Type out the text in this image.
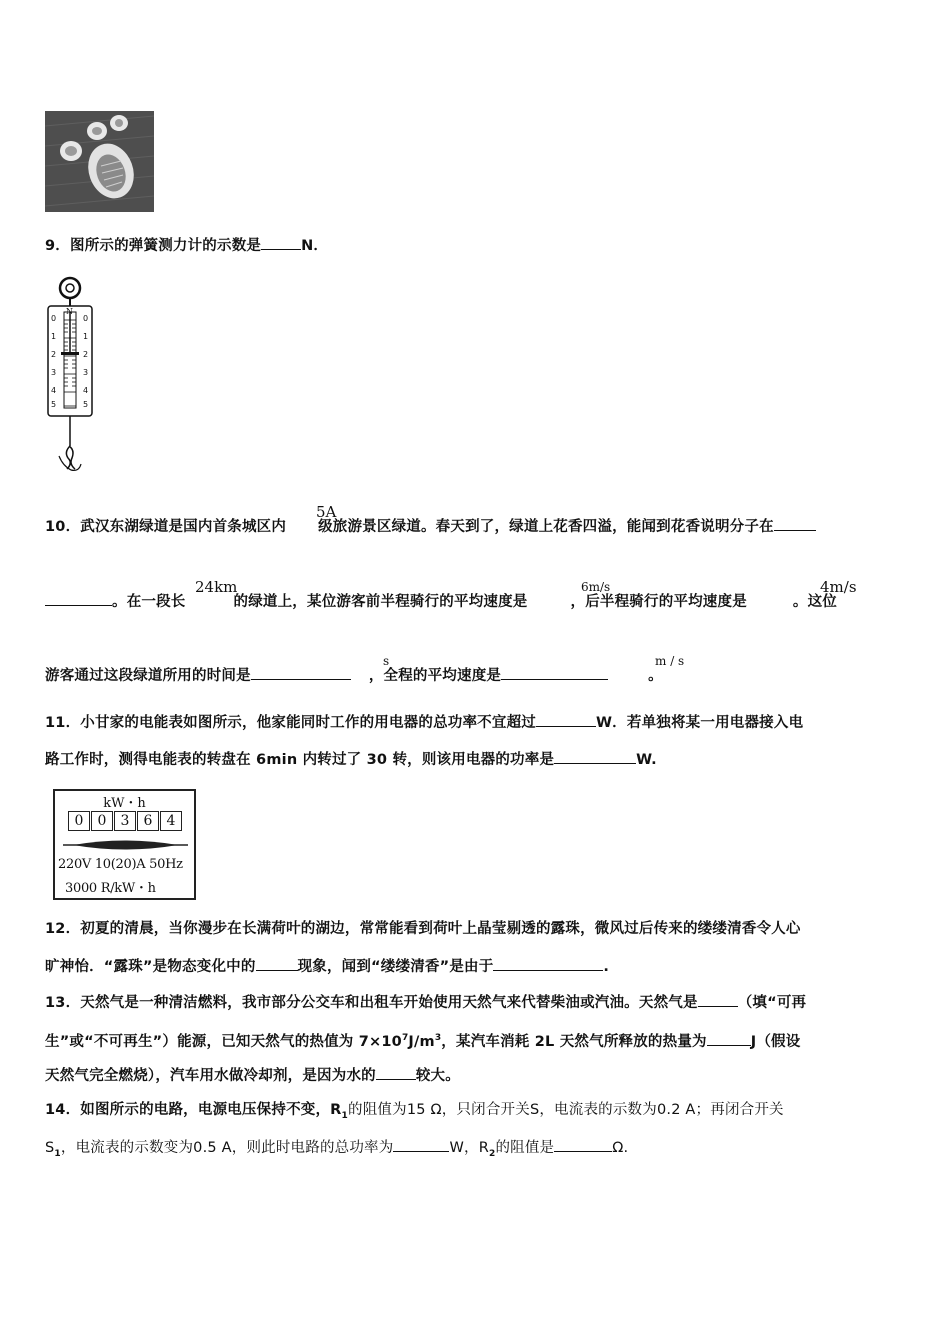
9．图所示的弹簧测力计的示数是	N．
N
0
1
2
3
4
5
0
1
2
3
4
5
10．武汉东湖绿道是国内首条城区内 级旅游景区绿道。春天到了，绿道上花香四溢，能闻到花香说明分子在
5A
。在一段长	的绿道上，某位游客前半程骑行的平均速度是	，后半程骑行的平均速度是	。这位
24km	6m/s	4m/s
游客通过这段绿道所用的时间是	，全程的平均速度是	。
s	m / s
11．小甘家的电能表如图所示，他家能同时工作的用电器的总功率不宜超过	W．若单独将某一用电器接入电
路工作时，测得电能表的转盘在 6min 内转过了 30 转，则该用电器的功率是	W.
kW・h
0	0	3	6	4
220V 10(20)A 50Hz
3000 R/kW・h
12．初夏的清晨，当你漫步在长满荷叶的湖边，常常能看到荷叶上晶莹剔透的露珠，微风过后传来的缕缕清香令人心
旷神怡．“露珠”是物态变化中的	现象，闻到“缕缕清香”是由于	.
13．天然气是一种清洁燃料，我市部分公交车和出租车开始使用天然气来代替柴油或汽油。天然气是	（填“可再
生”或“不可再生”）能源，已知天然气的热值为 $7\times 10^7J/m^3$，某汽车消耗 2L 天然气所释放的热量为	J（假设
天然气完全燃烧），汽车用水做冷却剂，是因为水的	较大。
14．如图所示的电路，电源电压保持不变，$R_1$的阻值为15 Ω，只闭合开关S，电流表的示数为0.2 A；再闭合开关
$S_1$，电流表的示数变为0.5 A，则此时电路的总功率为	W，$R_2$的阻值是	Ω.
